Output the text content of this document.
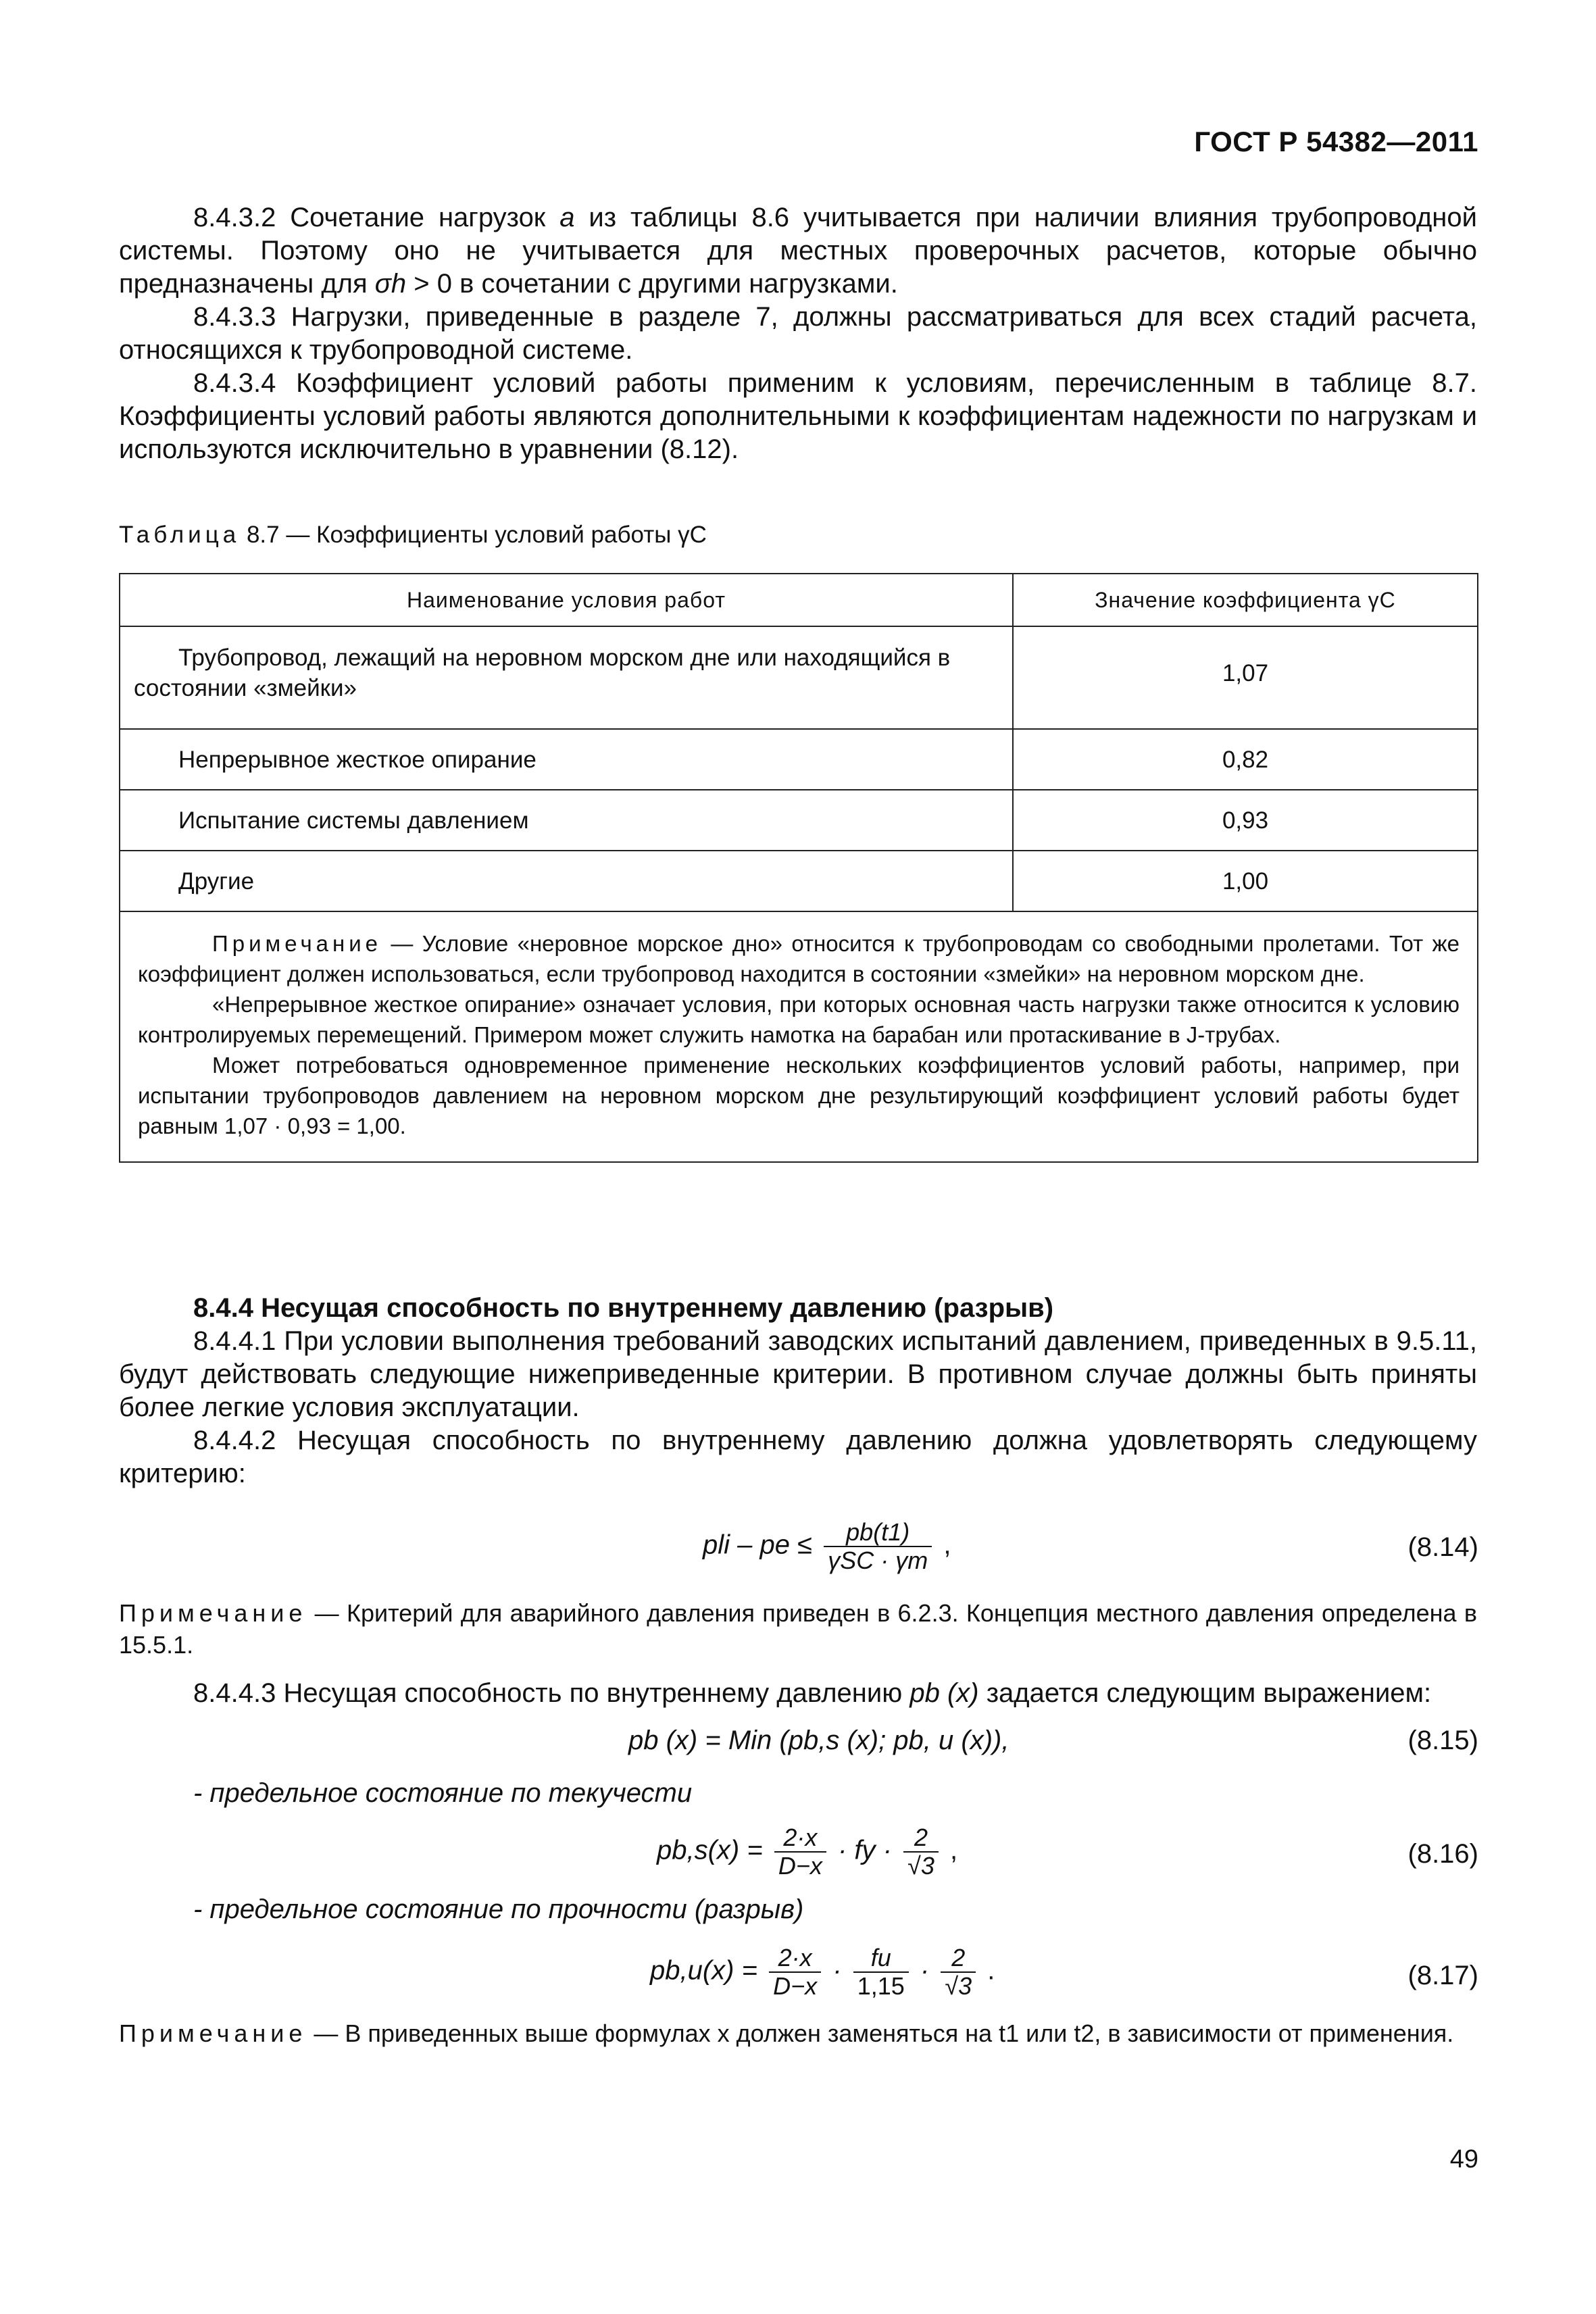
ГОСТ Р 54382—2011

8.4.3.2 Сочетание нагрузок a из таблицы 8.6 учитывается при наличии влияния трубопроводной системы. Поэтому оно не учитывается для местных проверочных расчетов, которые обычно предназначены для σh > 0 в сочетании с другими нагрузками.

8.4.3.3 Нагрузки, приведенные в разделе 7, должны рассматриваться для всех стадий расчета, относящихся к трубопроводной системе.

8.4.3.4 Коэффициент условий работы применим к условиям, перечисленным в таблице 8.7. Коэффициенты условий работы являются дополнительными к коэффициентам надежности по нагрузкам и используются исключительно в уравнении (8.12).

Таблица 8.7 — Коэффициенты условий работы γC
Наименование условия работ	Значение коэффициента γC

Трубопровод, лежащий на неровном морском дне или находящийся в состоянии «змейки»	1,07
Непрерывное жесткое опирание	0,82
Испытание системы давлением	0,93
Другие	1,00

Примечание — Условие «неровное морское дно» относится к трубопроводам со свободными пролетами. Тот же коэффициент должен использоваться, если трубопровод находится в состоянии «змейки» на неровном морском дне.

«Непрерывное жесткое опирание» означает условия, при которых основная часть нагрузки также относится к условию контролируемых перемещений. Примером может служить намотка на барабан или протаскивание в J-трубах.

Может потребоваться одновременное применение нескольких коэффициентов условий работы, например, при испытании трубопроводов давлением на неровном морском дне результирующий коэффициент условий работы будет равным 1,07 · 0,93 = 1,00.	

8.4.4 Несущая способность по внутреннему давлению (разрыв)

8.4.4.1 При условии выполнения требований заводских испытаний давлением, приведенных в 9.5.11, будут действовать следующие нижеприведенные критерии. В противном случае должны быть приняты более легкие условия эксплуатации.

8.4.4.2 Несущая способность по внутреннему давлению должна удовлетворять следующему критерию:

pli – pe ≤ $\frac{pb(t1)}{\text{γSC · γm}}$ ,	(8.14)
Примечание — Критерий для аварийного давления приведен в 6.2.3. Концепция местного давления определена в 15.5.1.

8.4.4.3 Несущая способность по внутреннему давлению pb (x) задается следующим выражением:

pb (x) = Min (pb,s (x); pb, u (x)),	(8.15)
- предельное состояние по текучести
$pb,s(x) = \frac{2\cdot x}{D-x}$ · fy · $\frac{2}{√3}$ ,	(8.16)
- предельное состояние по прочности (разрыв)
$pb,u(x) = \frac{2\cdot x}{D-x} \cdot \frac{fu}{1,15} \cdot \frac{2}{√3}$ .	(8.17)
Примечание — В приведенных выше формулах x должен заменяться на t1 или t2, в зависимости от применения.
49
